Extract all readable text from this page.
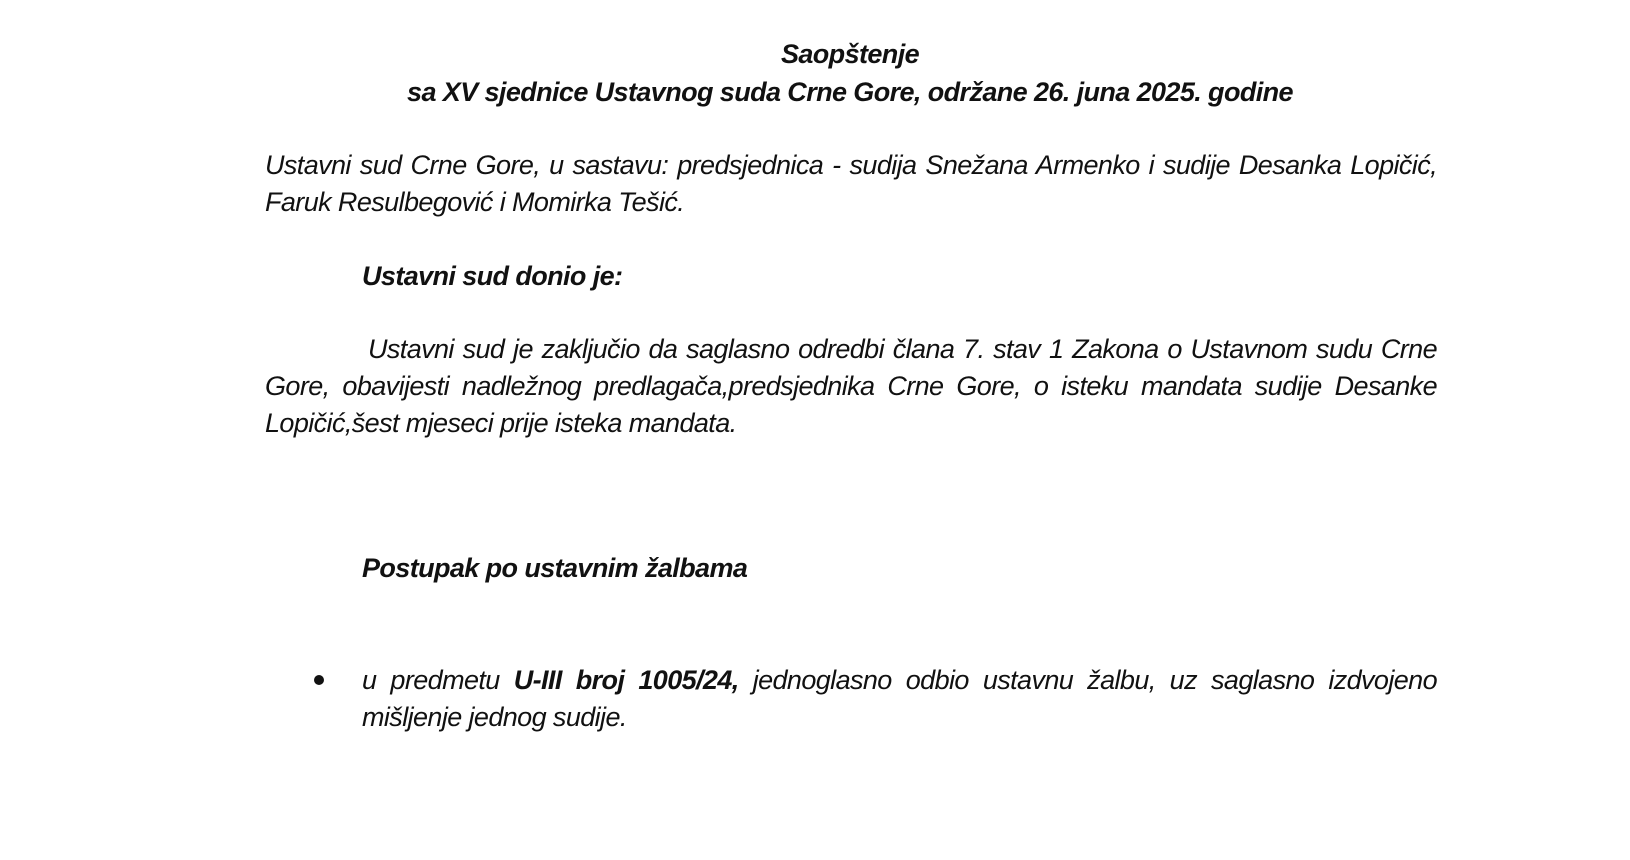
Saopštenje

sa XV sjednice Ustavnog suda Crne Gore, održane 26. juna 2025. godine

Ustavni sud Crne Gore, u sastavu: predsjednica - sudija Snežana Armenko i sudije Desanka Lopičić, Faruk Resulbegović i Momirka Tešić.

Ustavni sud donio je:

Ustavni sud je zaključio da saglasno odredbi člana 7. stav 1 Zakona o Ustavnom sudu Crne Gore, obavijesti nadležnog predlagača,predsjednika Crne Gore, o isteku mandata sudije Desanke Lopičić,šest mjeseci prije isteka mandata.

Postupak po ustavnim žalbama

u predmetu U-III broj 1005/24, jednoglasno odbio ustavnu žalbu, uz saglasno izdvojeno mišljenje jednog sudije.
